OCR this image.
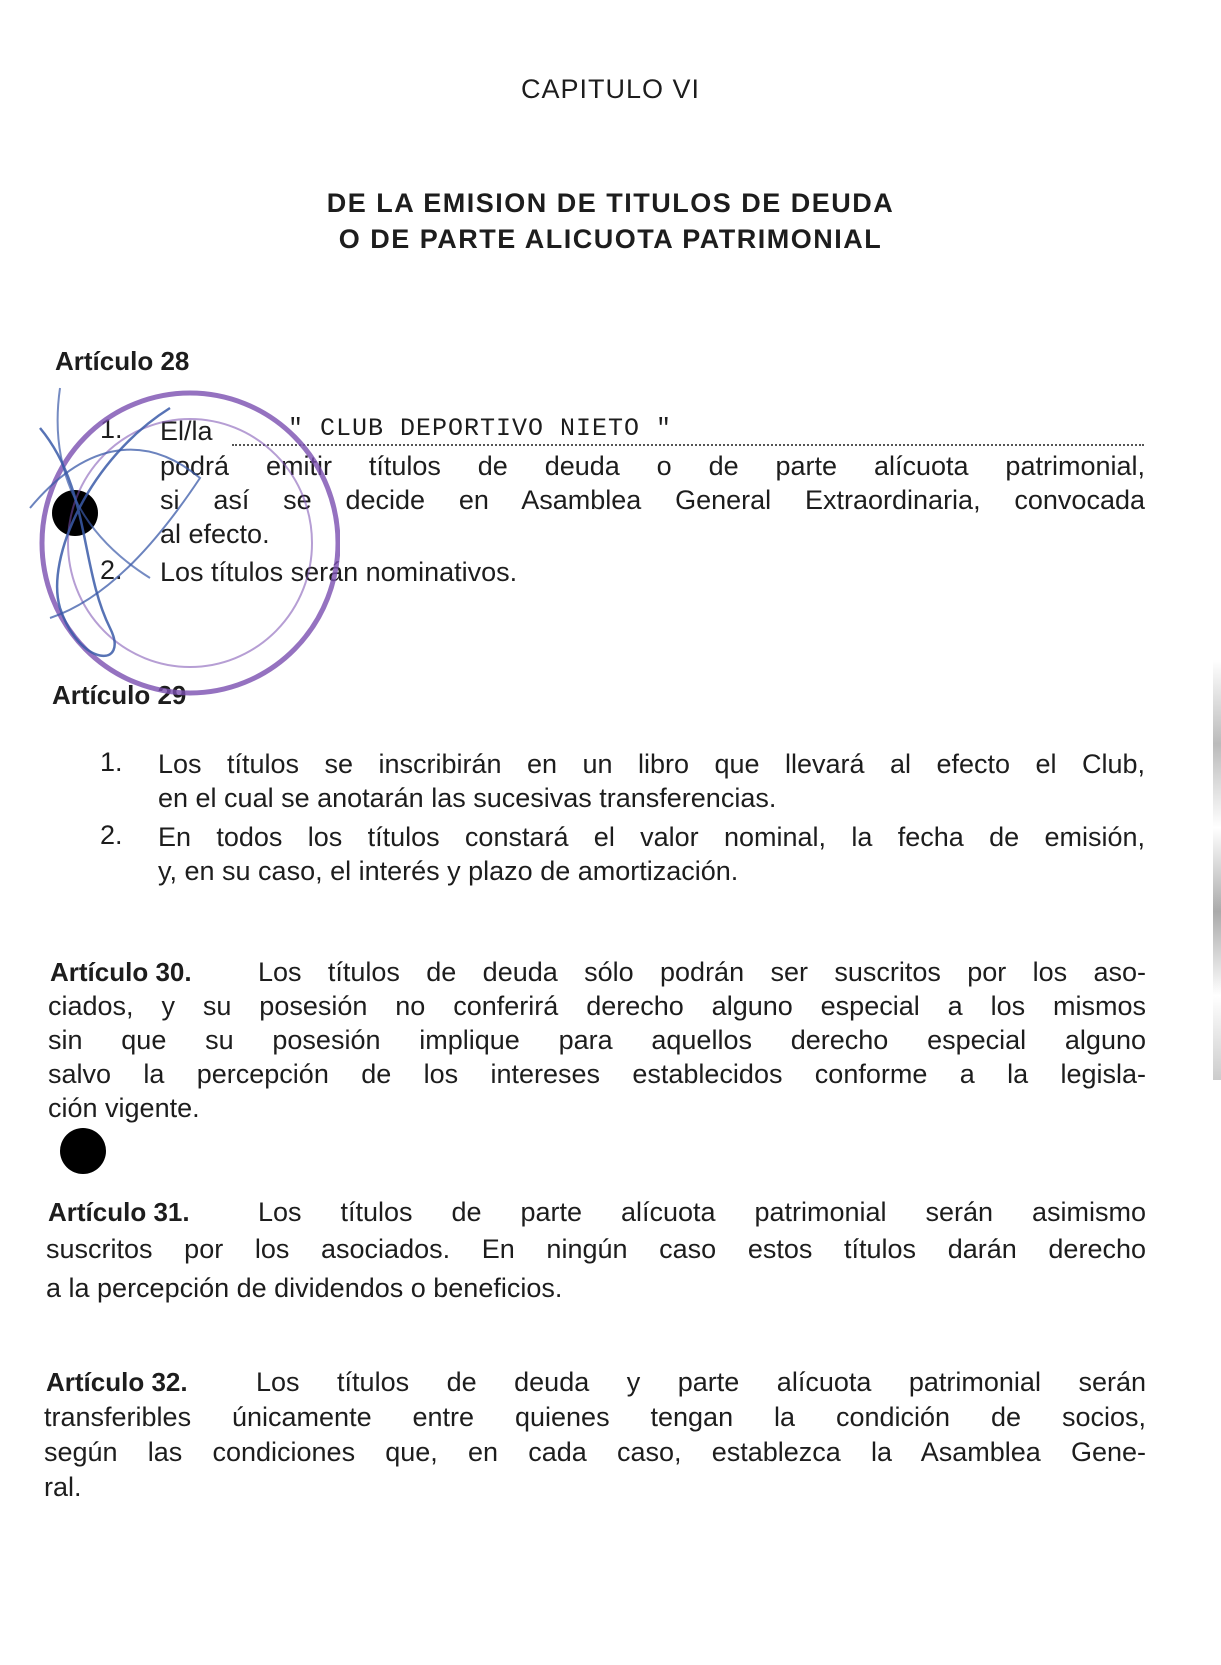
CAPITULO VI
DE LA EMISION DE TITULOS DE DEUDA
O DE PARTE ALICUOTA PATRIMONIAL
Artículo 28
1. El/la	" CLUB DEPORTIVO NIETO "
podrá emitir títulos de deuda o de parte alícuota patrimonial,
si así se decide en Asamblea General Extraordinaria, convocada
al efecto.
2. Los títulos serán nominativos.
Artículo 29
1. Los títulos se inscribirán en un libro que llevará al efecto el Club,
en el cual se anotarán las sucesivas transferencias.
2. En todos los títulos constará el valor nominal, la fecha de emisión,
y, en su caso, el interés y plazo de amortización.
Artículo 30. Los títulos de deuda sólo podrán ser suscritos por los aso-
ciados, y su posesión no conferirá derecho alguno especial a los mismos
sin que su posesión implique para aquellos derecho especial alguno
salvo la percepción de los intereses establecidos conforme a la legisla-
ción vigente.
Artículo 31.	Los títulos de parte alícuota patrimonial serán asimismo
suscritos por los asociados. En ningún caso estos títulos darán derecho
a la percepción de dividendos o beneficios.
Artículo 32.	Los títulos de deuda y parte alícuota patrimonial serán
transferibles únicamente entre quienes tengan la condición de socios,
según las condiciones que, en cada caso, establezca la Asamblea Gene-
ral.
